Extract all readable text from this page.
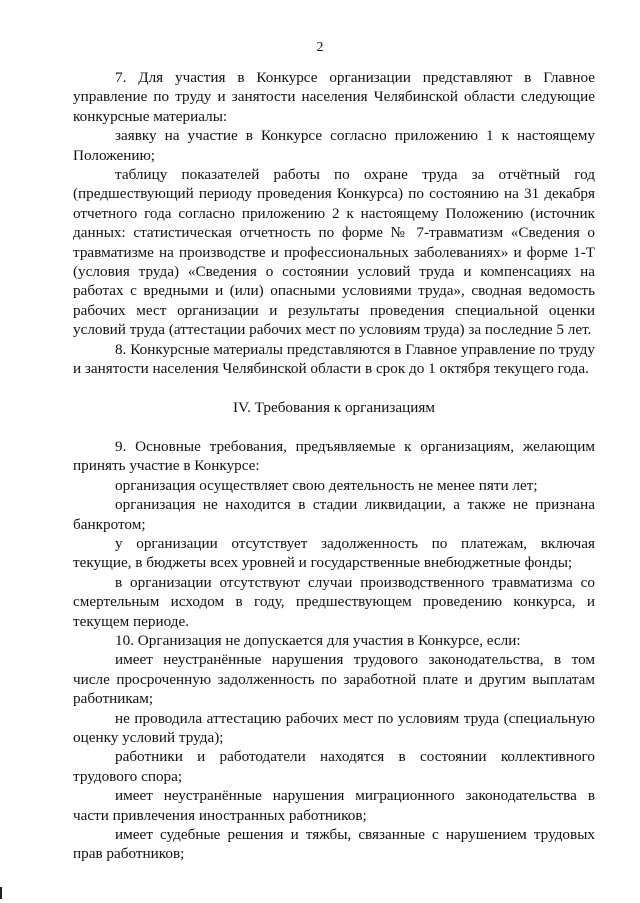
2

7. Для участия в Конкурсе организации представляют в Главное управление по труду и занятости населения Челябинской области следующие конкурсные материалы:

заявку на участие в Конкурсе согласно приложению 1 к настоящему Положению;

таблицу показателей работы по охране труда за отчётный год (предшествующий периоду проведения Конкурса) по состоянию на 31 декабря отчетного года согласно приложению 2 к настоящему Положению (источник данных: статистическая отчетность по форме № 7-травматизм «Сведения о травматизме на производстве и профессиональных заболеваниях» и форме 1-Т (условия труда) «Сведения о состоянии условий труда и компенсациях на работах с вредными и (или) опасными условиями труда», сводная ведомость рабочих мест организации и результаты проведения специальной оценки условий труда (аттестации рабочих мест по условиям труда) за последние 5 лет.

8. Конкурсные материалы представляются в Главное управление по труду и занятости населения Челябинской области в срок до 1 октября текущего года.

IV. Требования к организациям

9. Основные требования, предъявляемые к организациям, желающим принять участие в Конкурсе:

организация осуществляет свою деятельность не менее пяти лет;

организация не находится в стадии ликвидации, а также не признана банкротом;

у организации отсутствует задолженность по платежам, включая текущие, в бюджеты всех уровней и государственные внебюджетные фонды;

в организации отсутствуют случаи производственного травматизма со смертельным исходом в году, предшествующем проведению конкурса, и текущем периоде.

10. Организация не допускается для участия в Конкурсе, если:

имеет неустранённые нарушения трудового законодательства, в том числе просроченную задолженность по заработной плате и другим выплатам работникам;

не проводила аттестацию рабочих мест по условиям труда (специальную оценку условий труда);

работники и работодатели находятся в состоянии коллективного трудового спора;

имеет неустранённые нарушения миграционного законодательства в части привлечения иностранных работников;

имеет судебные решения и тяжбы, связанные с нарушением трудовых прав работников;
